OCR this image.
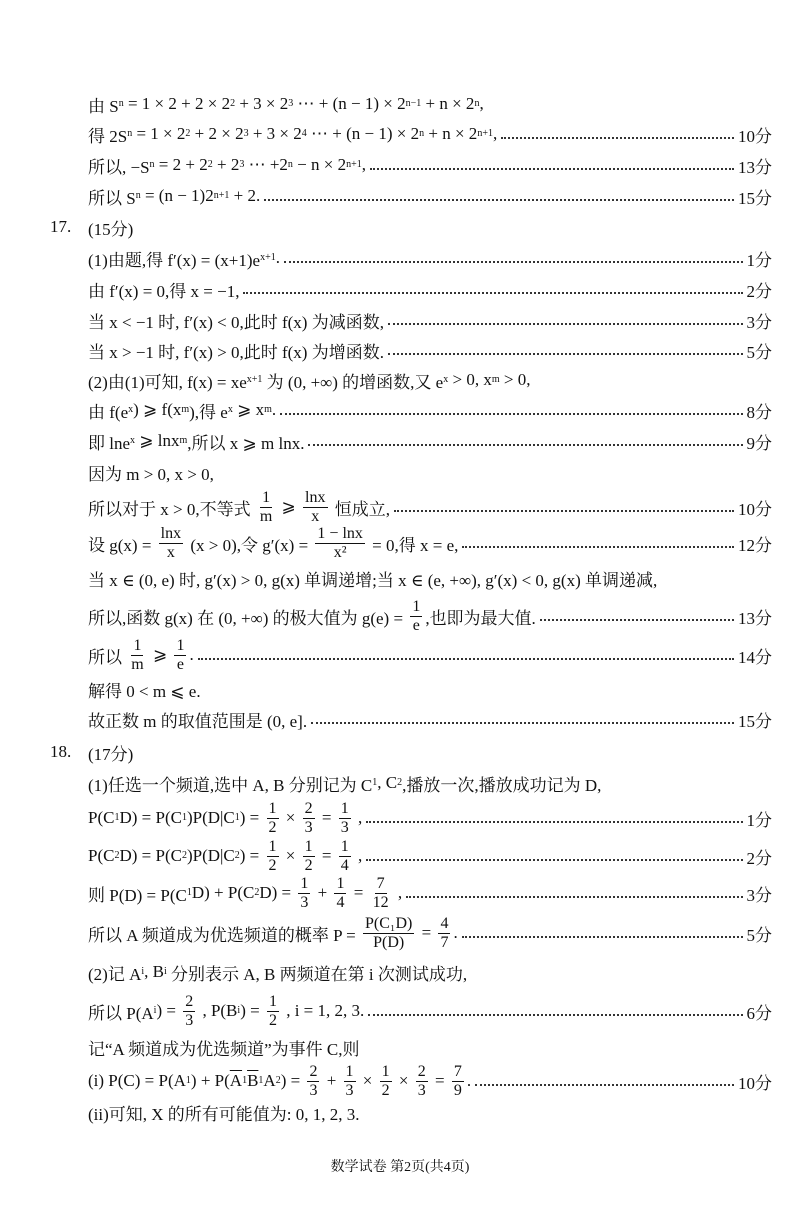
由 S n = 1 × 2 + 2 × 2 2 + 3 × 2 3 ⋯ + (n − 1) × 2 n−1 + n × 2 n ,
得 2S n = 1 × 2 2 + 2 × 2 3 + 3 × 2 4 ⋯ + (n − 1) × 2 n + n × 2 n+1 ,	10分
所以, −S n = 2 + 2 2 + 2 3 ⋯ +2 n − n × 2 n+1 ,	13分
所以 S n = (n − 1)2 n+1 + 2.	15分
17. (15分)
(1)由题,得 f′(x) = (x+1)e x+1 .	1分
由 f′(x) = 0,得 x = −1,	2分
当 x < −1 时, f′(x) < 0,此时 f(x) 为减函数,	3分
当 x > −1 时, f′(x) > 0,此时 f(x) 为增函数.	5分
(2)由(1)可知, f(x) = xe x+1 为 (0, +∞) 的增函数,又 e x > 0, x m > 0,
由 f(e x ) ⩾ f(x m ),得 e x ⩾ x m .	8分
即 lne x ⩾ lnx m ,所以 x ⩾ m lnx.	9分
因为 m > 0, x > 0,
所以对于 x > 0,不等式 $\frac{1}{m}$ ⩾ $\frac{\ln x}{x}$ 恒成立,	10分
设 $g(x) = \frac{\ln x}{x} (x > 0)$,令 $g'(x) = \frac{1 - \ln x}{\text{x²}} = 0$,得 x = e,	12分
当 x ∈ (0, e) 时, g′(x) > 0, g(x) 单调递增;当 x ∈ (e, +∞), g′(x) < 0, g(x) 单调递减,
所以,函数 g(x) 在 (0, +∞) 的极大值为 $g(e) = \frac{1}{e}$ ,也即为最大值.	13分
所以 $\frac{1}{m}$ ⩾ $\frac{1}{e}$ .	14分
解得 0 < m ⩽ e.
故正数 m 的取值范围是 (0, e].	15分
18. (17分)
(1)任选一个频道,选中 A, B 分别记为 C 1 , C 2 ,播放一次,播放成功记为 D,
P(C 1 D) = P(C 1 )P(D|C 1 ) = $\frac{1}{2} \times \frac{2}{3} = \frac{1}{3}$ ,	1分
P(C 2 D) = P(C 2 )P(D|C 2 ) = $\frac{1}{2} \times \frac{1}{2} = \frac{1}{4}$ ,	2分
则 P(D) = P(C 1 D) + P(C 2 $D) = \frac{1}{3} + \frac{1}{4} = \frac{7}{12}$ ,	3分
所以 A 频道成为优选频道的概率 $P = \frac{\text{P(C₁D)}}{P(D)} = \frac{4}{7}$ .	5分
(2)记 A i , B i 分别表示 A, B 两频道在第 i 次测试成功,
所以 P(A i ) = $\frac{2}{3}$ , P(B i ) = $\frac{1}{2}$ , i = 1, 2, 3.	6分
记“A 频道成为优选频道”为事件 C,则
(i) P(C) = P(A 1 ) + P( $\overline{A}$ 1 $\overline{B}$ 1 A 2 ) = $\frac{2}{3} + \frac{1}{3} \times \frac{1}{2} \times \frac{2}{3} = \frac{7}{9}$ .	10分
(ii)可知, X 的所有可能值为: 0, 1, 2, 3.
数学试卷 第2页(共4页)
